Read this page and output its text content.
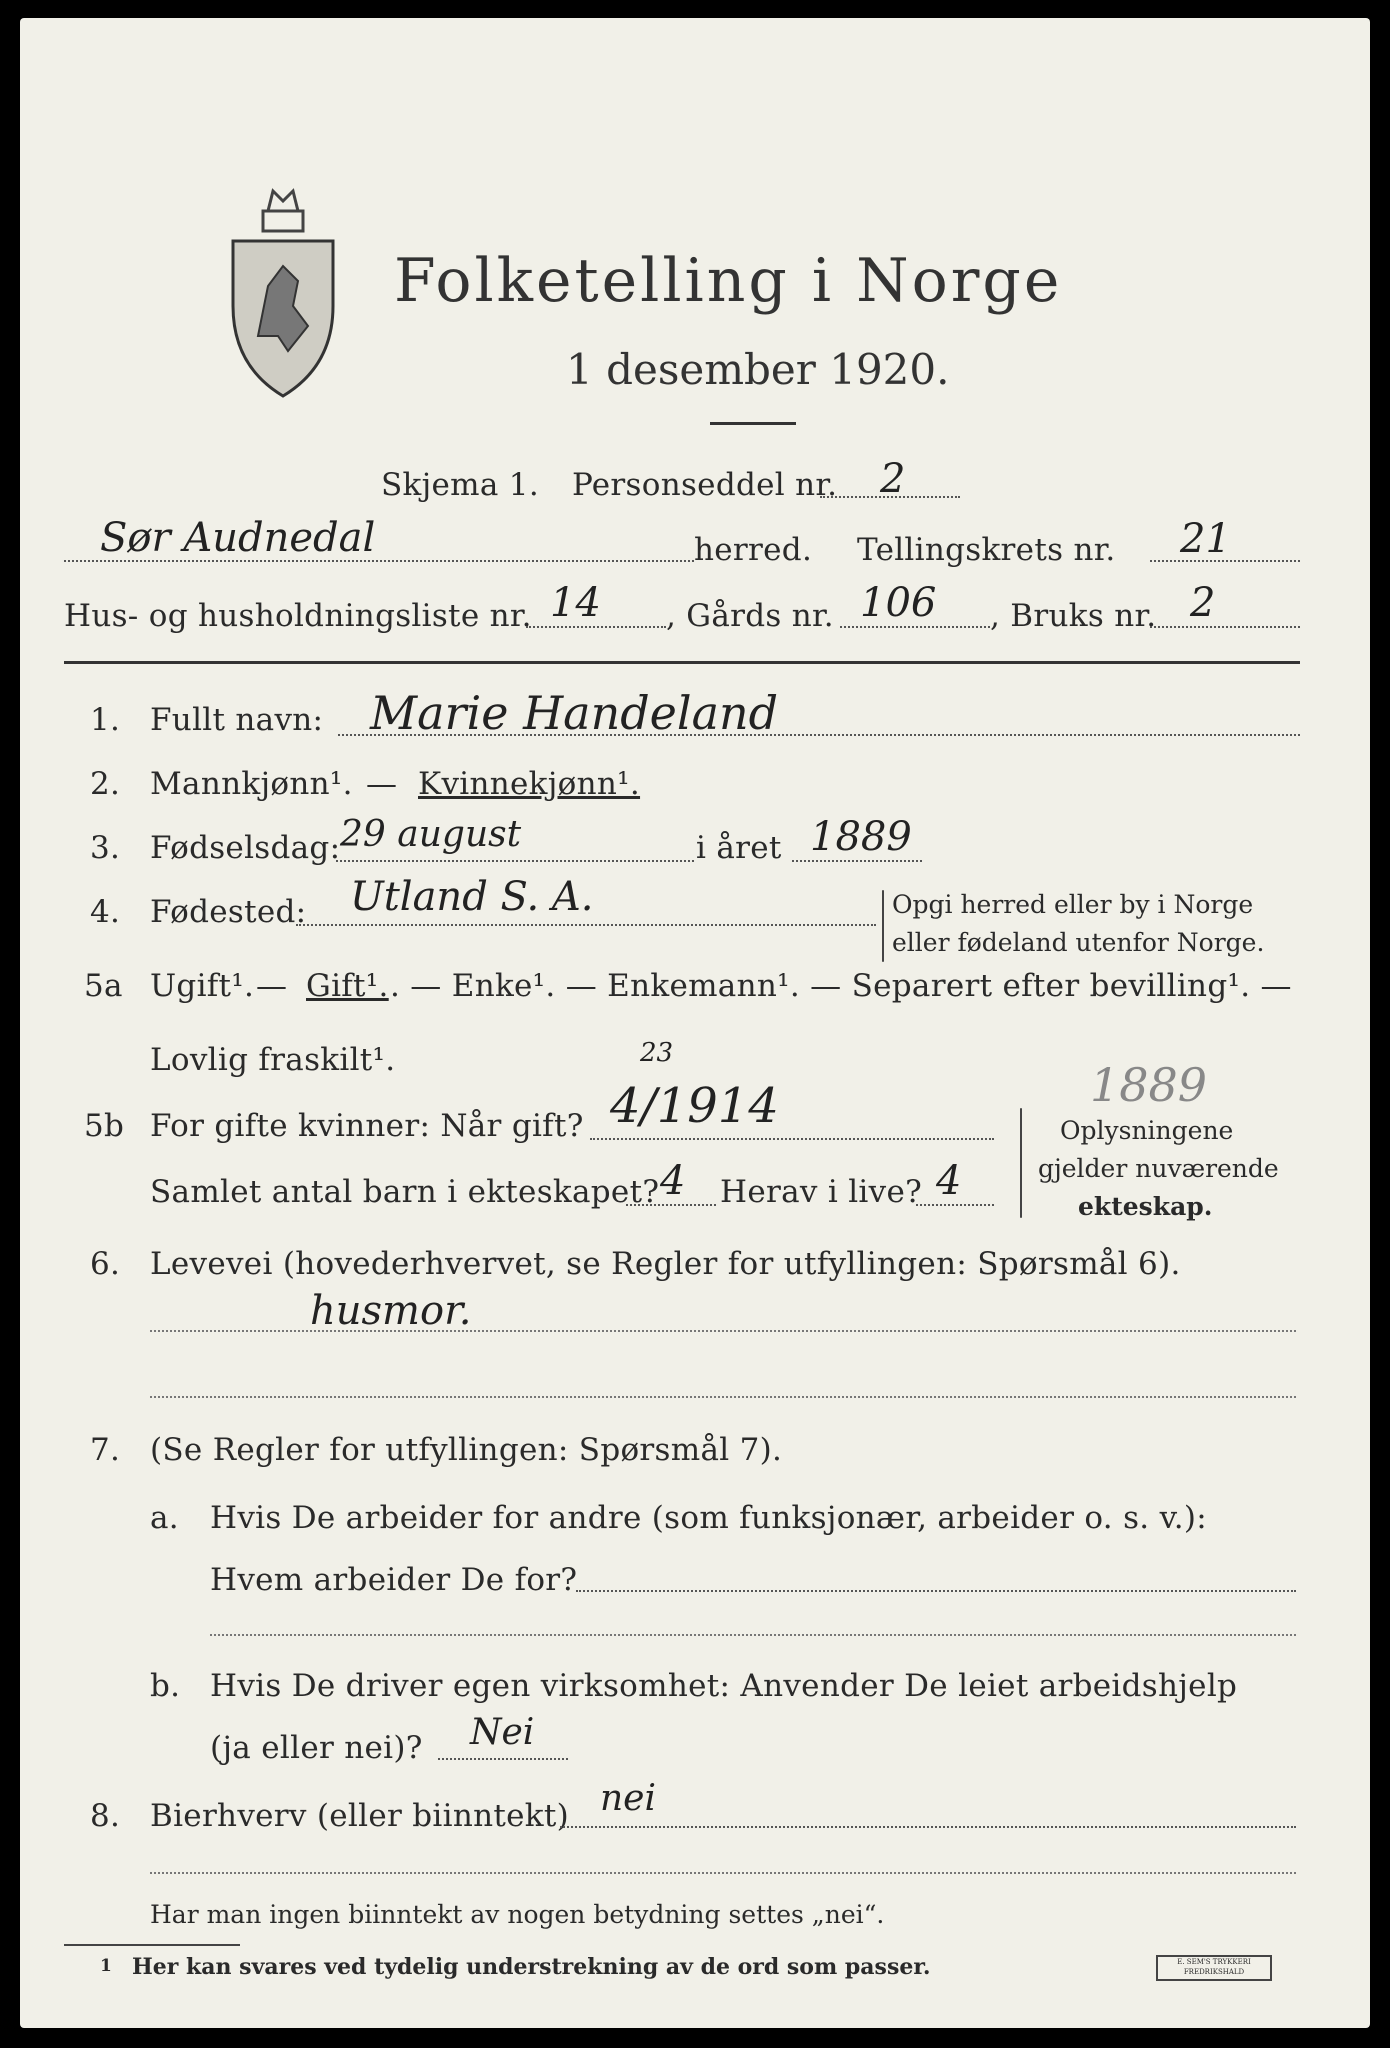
Folketelling i Norge
1 desember 1920.
Skjema 1. Personseddel nr. 2
Sør Audnedal	herred. Tellingskrets nr. 21
Hus- og husholdningsliste nr. 14 , Gårds nr. 106 , Bruks nr. 2
1. Fullt navn: Marie Handeland
2. Mannkjønn¹. — Kvinnekjønn¹.
3. Fødselsdag: 29 august	i året 1889
4. Fødested: Utland S. A.	Opgi herred eller by i Norge
eller fødeland utenfor Norge.
5a Ugift¹. — Gift¹. . — Enke¹. — Enkemann¹. — Separert efter bevilling¹. —
Lovlig fraskilt¹.	23
1889
5b For gifte kvinner: Når gift? 4/1914
Samlet antal barn i ekteskapet? 4 Herav i live? 4
Oplysningene
gjelder nuværende
ekteskap.
6. Levevei (hovederhvervet, se Regler for utfyllingen: Spørsmål 6).
husmor.
7. (Se Regler for utfyllingen: Spørsmål 7).
a. Hvis De arbeider for andre (som funksjonær, arbeider o. s. v.):
Hvem arbeider De for?
b. Hvis De driver egen virksomhet: Anvender De leiet arbeidshjelp
(ja eller nei)? Nei
8. Bierhverv (eller biinntekt) nei
Har man ingen biinntekt av nogen betydning settes „nei“.
1 Her kan svares ved tydelig understrekning av de ord som passer.	E. SEM'S TRYKKERI FREDRIKSHALD
